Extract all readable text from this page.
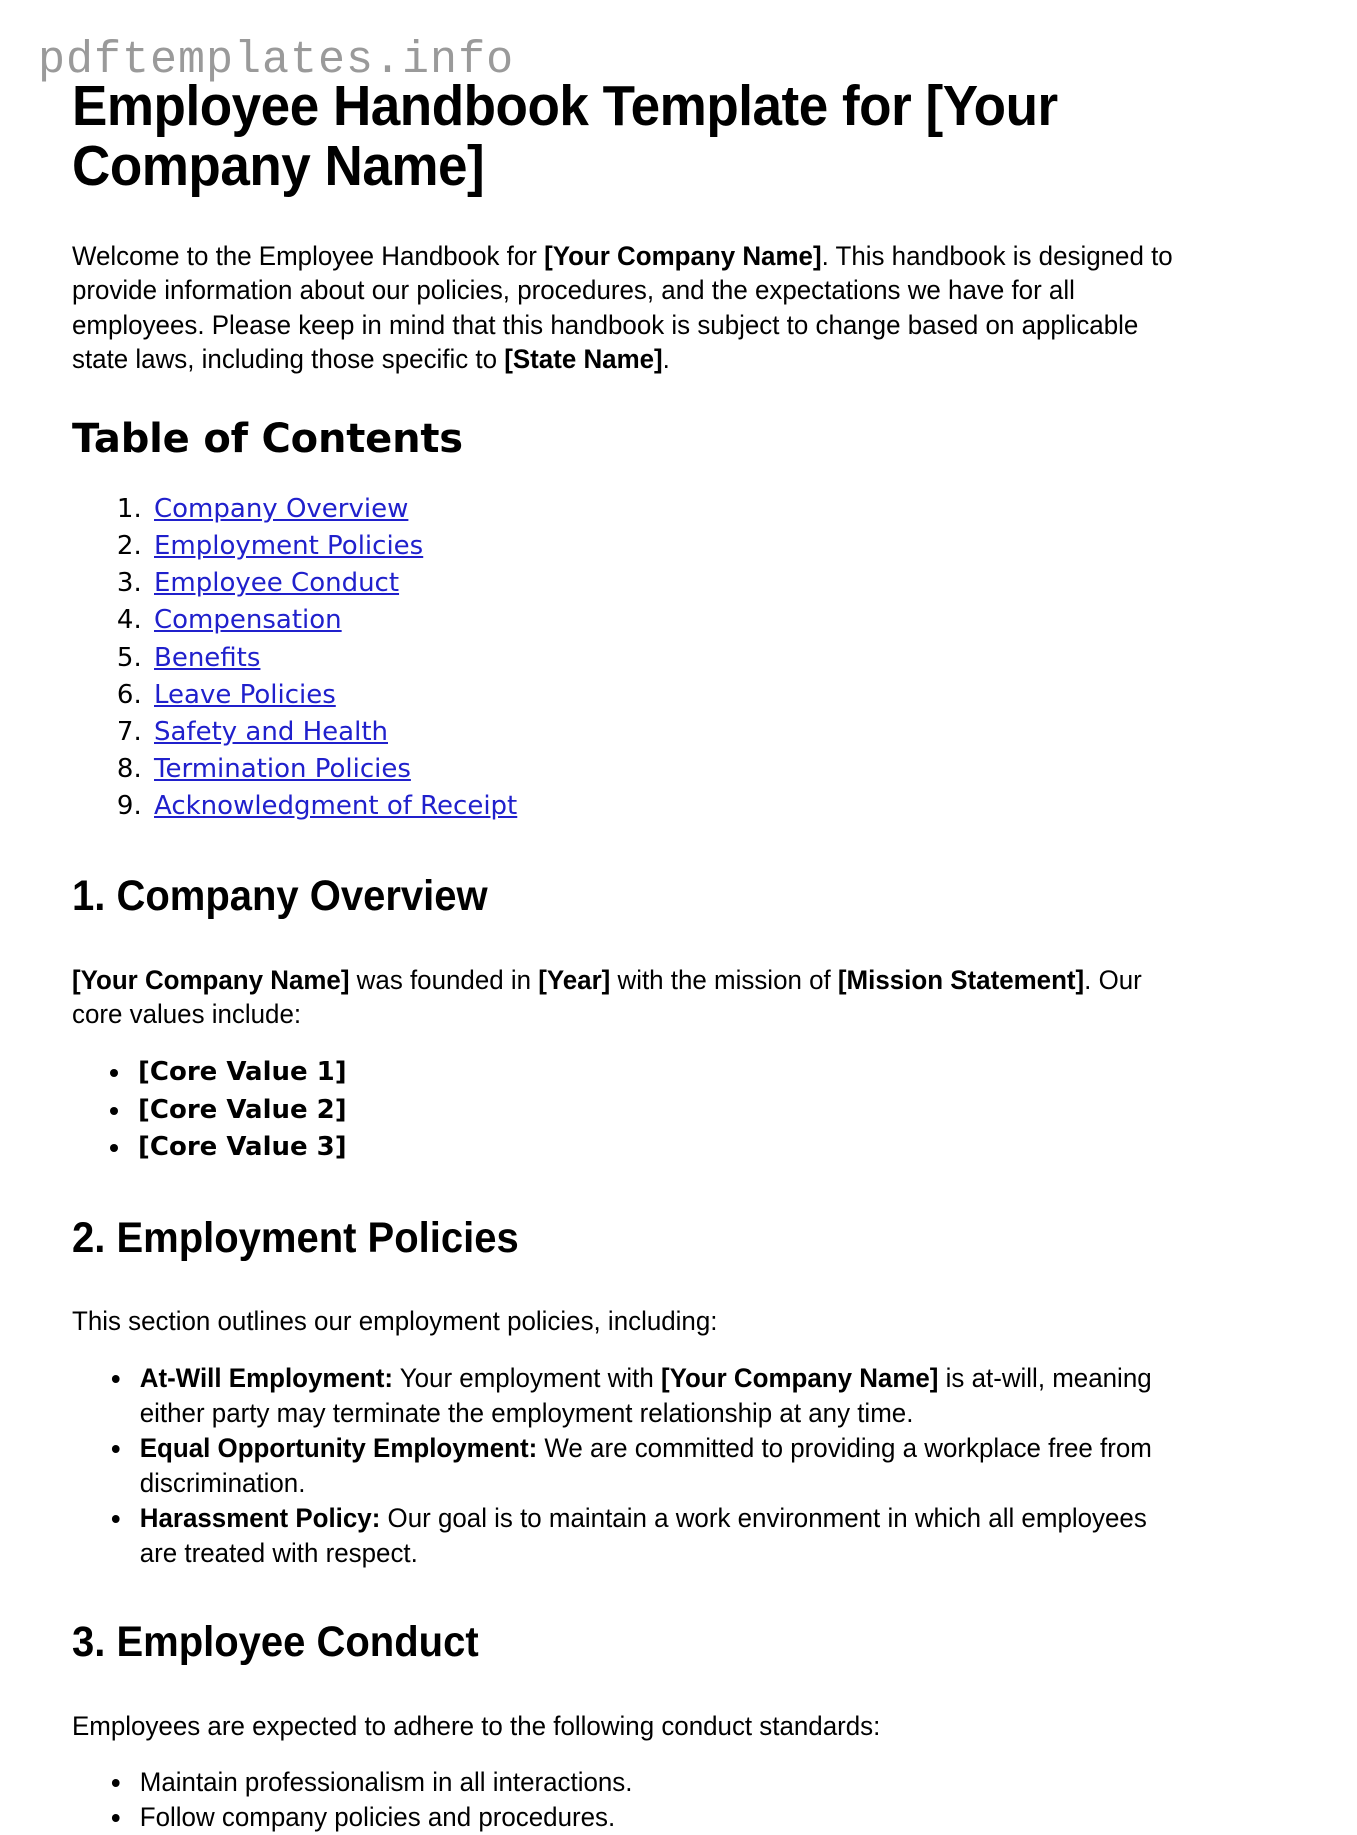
pdftemplates.info
Employee Handbook Template for [Your Company Name]

Welcome to the Employee Handbook for [Your Company Name]. This handbook is designed to provide information about our policies, procedures, and the expectations we have for all employees. Please keep in mind that this handbook is subject to change based on applicable state laws, including those specific to [State Name].

Table of Contents
1. Company Overview
2. Employment Policies
3. Employee Conduct
4. Compensation
5. Benefits
6. Leave Policies
7. Safety and Health
8. Termination Policies
9. Acknowledgment of Receipt
1. Company Overview

[Your Company Name] was founded in [Year] with the mission of [Mission Statement]. Our core values include:

• [Core Value 1]
• [Core Value 2]
• [Core Value 3]
2. Employment Policies

This section outlines our employment policies, including:

• At-Will Employment: Your employment with [Your Company Name] is at-will, meaning either party may terminate the employment relationship at any time.
• Equal Opportunity Employment: We are committed to providing a workplace free from discrimination.
• Harassment Policy: Our goal is to maintain a work environment in which all employees are treated with respect.
3. Employee Conduct

Employees are expected to adhere to the following conduct standards:

• Maintain professionalism in all interactions.
• Follow company policies and procedures.
